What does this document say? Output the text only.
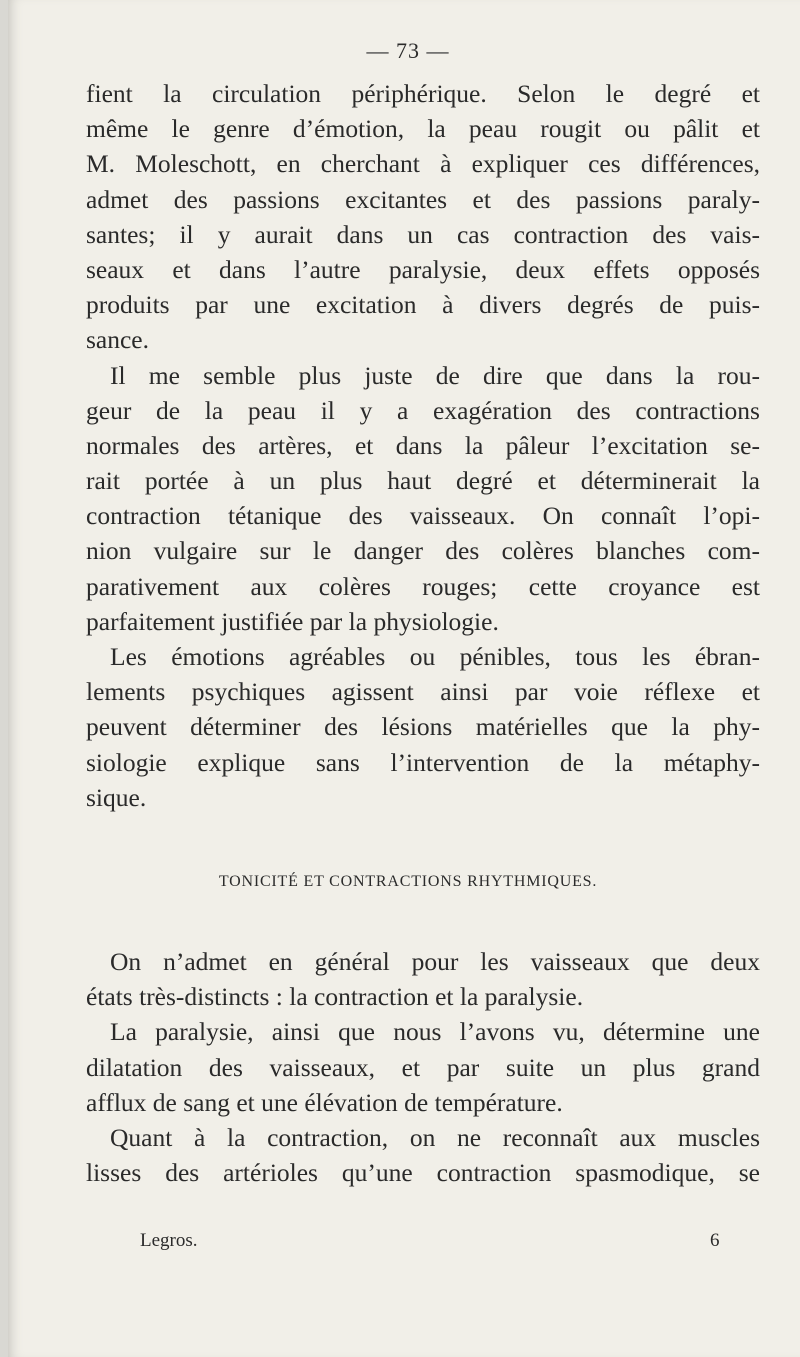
— 73 —
fient la circulation périphérique. Selon le degré et
même le genre d’émotion, la peau rougit ou pâlit et
M. Moleschott, en cherchant à expliquer ces différences,
admet des passions excitantes et des passions paraly-
santes; il y aurait dans un cas contraction des vais-
seaux et dans l’autre paralysie, deux effets opposés
produits par une excitation à divers degrés de puis-
sance.
Il me semble plus juste de dire que dans la rou-
geur de la peau il y a exagération des contractions
normales des artères, et dans la pâleur l’excitation se-
rait portée à un plus haut degré et déterminerait la
contraction tétanique des vaisseaux. On connaît l’opi-
nion vulgaire sur le danger des colères blanches com-
parativement aux colères rouges; cette croyance est
parfaitement justifiée par la physiologie.
Les émotions agréables ou pénibles, tous les ébran-
lements psychiques agissent ainsi par voie réflexe et
peuvent déterminer des lésions matérielles que la phy-
siologie explique sans l’intervention de la métaphy-
sique.
TONICITÉ ET CONTRACTIONS RHYTHMIQUES.
On n’admet en général pour les vaisseaux que deux
états très-distincts : la contraction et la paralysie.
La paralysie, ainsi que nous l’avons vu, détermine une
dilatation des vaisseaux, et par suite un plus grand
afflux de sang et une élévation de température.
Quant à la contraction, on ne reconnaît aux muscles
lisses des artérioles qu’une contraction spasmodique, se
Legros.	6
